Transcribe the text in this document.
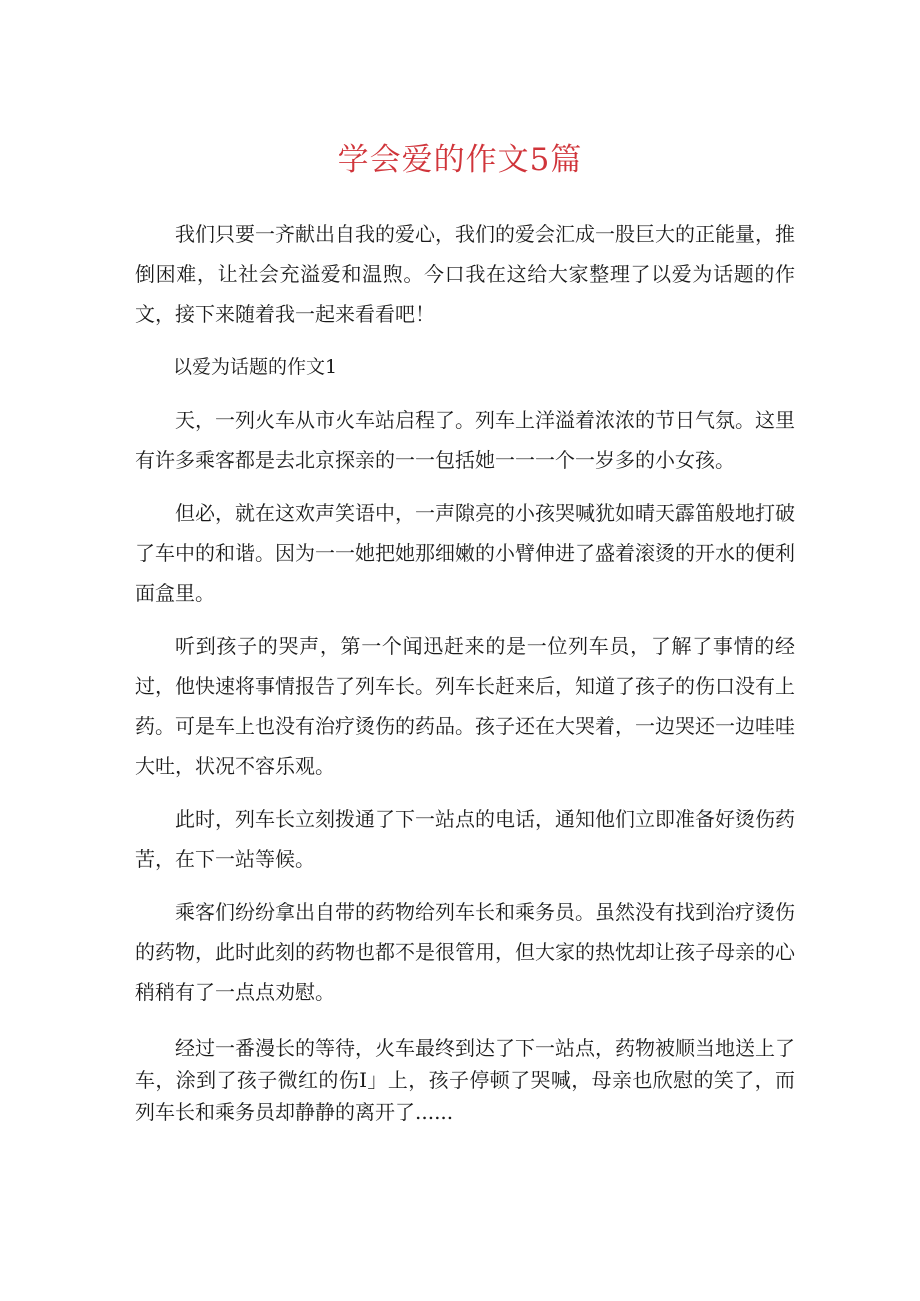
学会爱的作文5篇

我们只要一齐献出自我的爱心，我们的爱会汇成一股巨大的正能量，推倒困难，让社会充溢爱和温煦。今口我在这给大家整理了以爱为话题的作文，接下来随着我一起来看看吧！

以爱为话题的作文1

天，一列火车从市火车站启程了。列车上洋溢着浓浓的节日气氛。这里有许多乘客都是去北京探亲的一一包括她一一一个一岁多的小女孩。

但必，就在这欢声笑语中，一声隙亮的小孩哭喊犹如晴天霹笛般地打破了车中的和谐。因为一一她把她那细嫩的小臂伸进了盛着滚烫的开水的便利面盒里。

听到孩子的哭声，第一个闻迅赶来的是一位列车员，了解了事情的经过，他快速将事情报告了列车长。列车长赶来后，知道了孩子的伤口没有上药。可是车上也没有治疗烫伤的药品。孩子还在大哭着，一边哭还一边哇哇大吐，状况不容乐观。

此时，列车长立刻拨通了下一站点的电话，通知他们立即准备好烫伤药苦，在下一站等候。

乘客们纷纷拿出自带的药物给列车长和乘务员。虽然没有找到治疗烫伤的药物，此时此刻的药物也都不是很管用，但大家的热忱却让孩子母亲的心稍稍有了一点点劝慰。

经过一番漫长的等待，火车最终到达了下一站点，药物被顺当地送上了车，涂到了孩子微红的伤I」上，孩子停顿了哭喊，母亲也欣慰的笑了，而列车长和乘务员却静静的离开了......
